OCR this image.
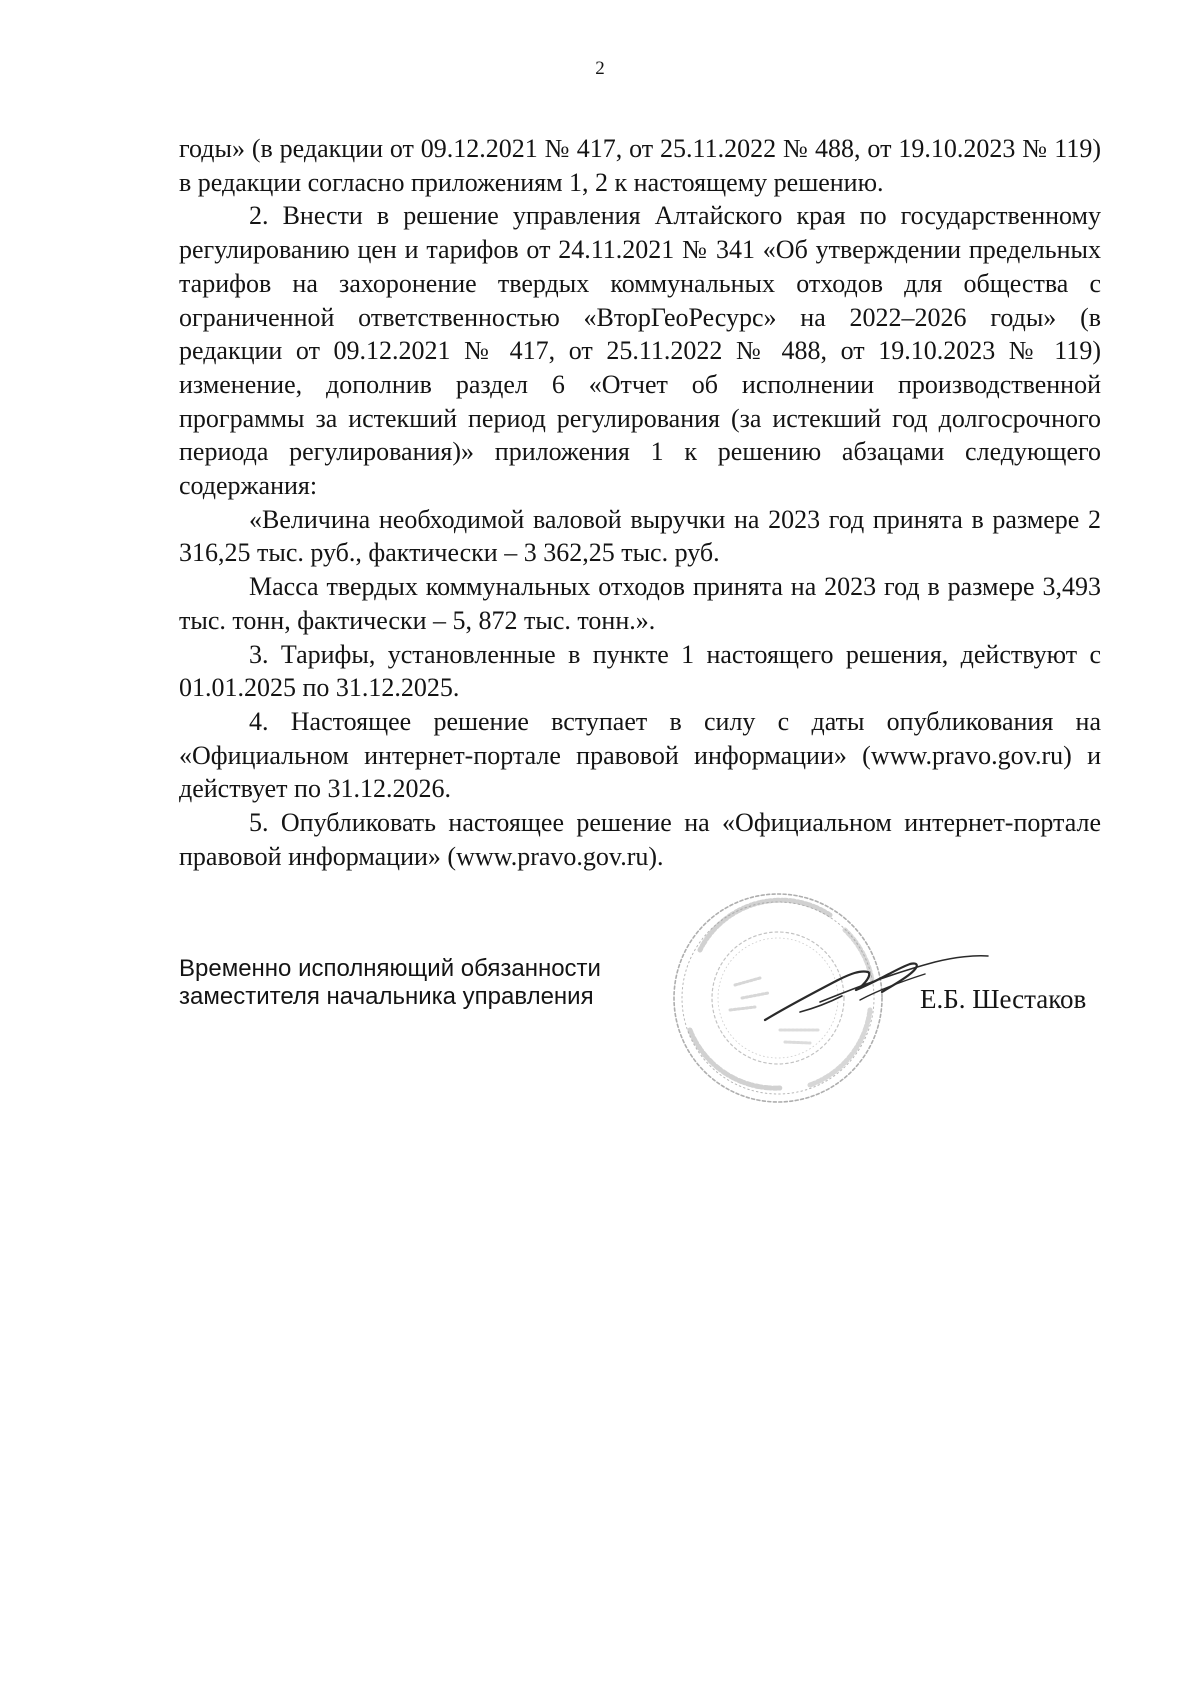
2

годы» (в редакции от 09.12.2021 № 417, от 25.11.2022 № 488, от 19.10.2023 № 119) в редакции согласно приложениям 1, 2 к настоящему решению.

2. Внести в решение управления Алтайского края по государственному регулированию цен и тарифов от 24.11.2021 № 341 «Об утверждении предельных тарифов на захоронение твердых коммунальных отходов для общества с ограниченной ответственностью «ВторГеоРесурс» на 2022–2026 годы» (в редакции от 09.12.2021 № 417, от 25.11.2022 № 488, от 19.10.2023 № 119) изменение, дополнив раздел 6 «Отчет об исполнении производственной программы за истекший период регулирования (за истекший год долгосрочного периода регулирования)» приложения 1 к решению абзацами следующего содержания:

«Величина необходимой валовой выручки на 2023 год принята в размере 2 316,25 тыс. руб., фактически – 3 362,25 тыс. руб.

Масса твердых коммунальных отходов принята на 2023 год в размере 3,493 тыс. тонн, фактически – 5, 872 тыс. тонн.».

3. Тарифы, установленные в пункте 1 настоящего решения, действуют с 01.01.2025 по 31.12.2025.

4. Настоящее решение вступает в силу с даты опубликования на «Официальном интернет-портале правовой информации» (www.pravo.gov.ru) и действует по 31.12.2026.

5. Опубликовать настоящее решение на «Официальном интернет-портале правовой информации» (www.pravo.gov.ru).

Временно исполняющий обязанности
заместителя начальника управления	Е.Б. Шестаков
